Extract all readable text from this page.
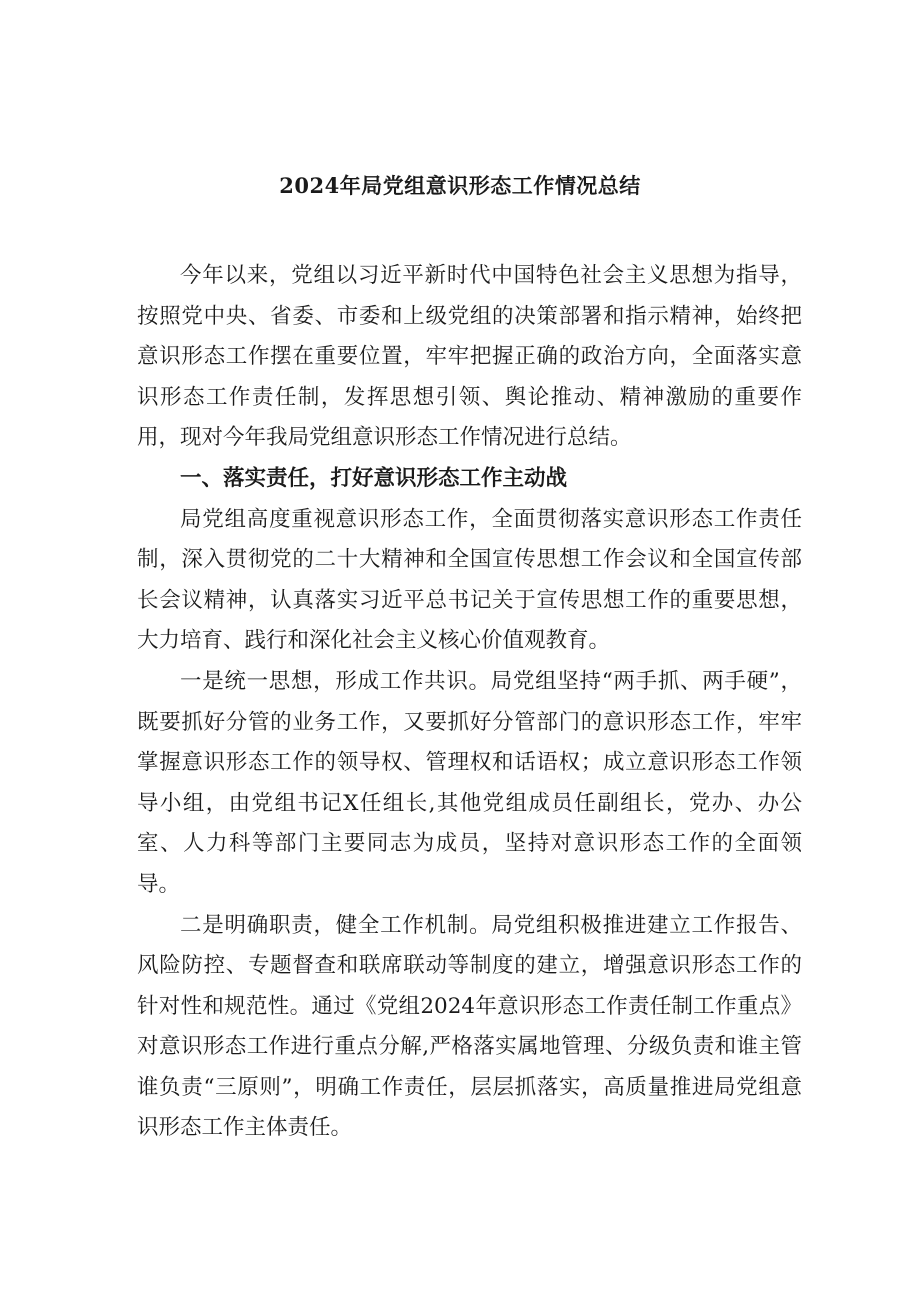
2024年局党组意识形态工作情况总结

今年以来，党组以习近平新时代中国特色社会主义思想为指导，按照党中央、省委、市委和上级党组的决策部署和指示精神，始终把意识形态工作摆在重要位置，牢牢把握正确的政治方向，全面落实意识形态工作责任制，发挥思想引领、舆论推动、精神激励的重要作用，现对今年我局党组意识形态工作情况进行总结。

一、落实责任，打好意识形态工作主动战

局党组高度重视意识形态工作，全面贯彻落实意识形态工作责任制，深入贯彻党的二十大精神和全国宣传思想工作会议和全国宣传部长会议精神，认真落实习近平总书记关于宣传思想工作的重要思想，大力培育、践行和深化社会主义核心价值观教育。

一是统一思想，形成工作共识。局党组坚持“两手抓、两手硬”，既要抓好分管的业务工作，又要抓好分管部门的意识形态工作，牢牢掌握意识形态工作的领导权、管理权和话语权；成立意识形态工作领导小组，由党组书记X任组长,其他党组成员任副组长，党办、办公室、人力科等部门主要同志为成员，坚持对意识形态工作的全面领导。

二是明确职责，健全工作机制。局党组积极推进建立工作报告、风险防控、专题督查和联席联动等制度的建立，增强意识形态工作的针对性和规范性。通过《党组2024年意识形态工作责任制工作重点》对意识形态工作进行重点分解,严格落实属地管理、分级负责和谁主管谁负责“三原则”，明确工作责任，层层抓落实，高质量推进局党组意识形态工作主体责任。
